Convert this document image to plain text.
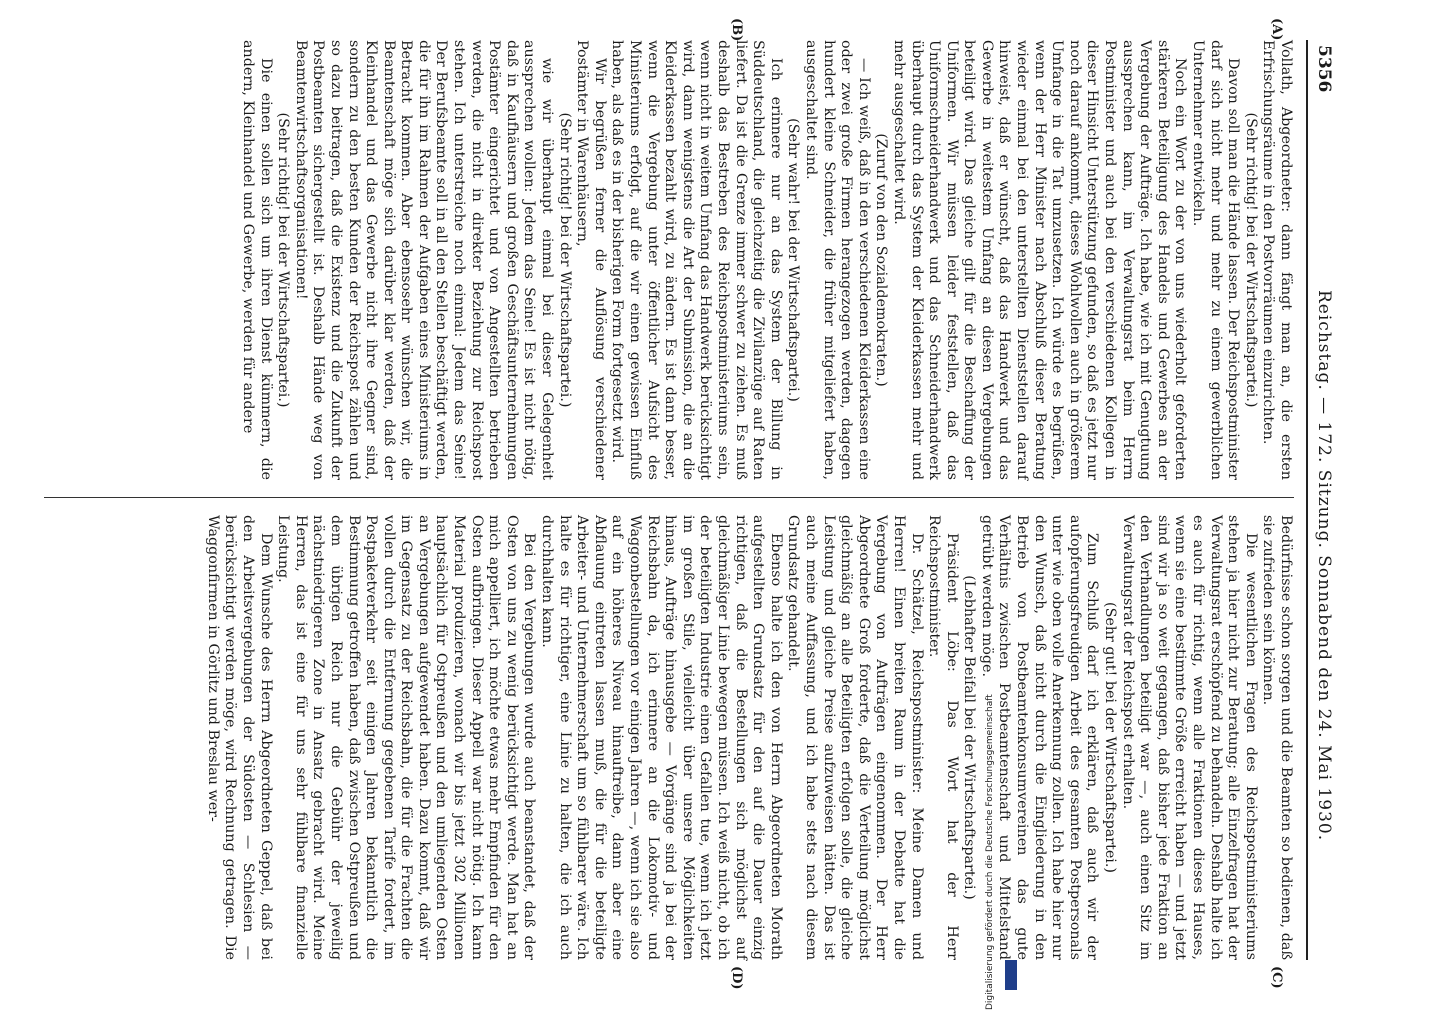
5356
Reichstag. — 172. Sitzung. Sonnabend den 24. Mai 1930.
(A)
(B)
(C)
(D)

Vollath, Abgeordneter: dann fängt man an, die ersten Erfrischungsräume in den Postvorräumen einzurichten.

(Sehr richtig! bei der Wirtschaftspartei.)

Davon soll man die Hände lassen. Der Reichspostminister darf sich nicht mehr und mehr zu einem gewerblichen Unternehmer entwickeln.

Noch ein Wort zu der von uns wiederholt geforderten stärkeren Beteiligung des Handels und Gewerbes an der Vergebung der Aufträge. Ich habe, wie ich mit Genugtuung aussprechen kann, im Verwaltungsrat beim Herrn Postminister und auch bei den verschiedenen Kollegen in dieser Hinsicht Unterstützung gefunden, so daß es jetzt nur noch darauf ankommt, dieses Wohlwollen auch in größerem Umfange in die Tat umzusetzen. Ich würde es begrüßen, wenn der Herr Minister nach Abschluß dieser Beratung wieder einmal bei den unterstellten Dienststellen darauf hinweist, daß er wünscht, daß das Handwerk und das Gewerbe in weitestem Umfang an diesen Vergebungen beteiligt wird. Das gleiche gilt für die Beschaffung der Uniformen. Wir müssen leider feststellen, daß das Uniformschneiderhandwerk und das Schneiderhandwerk überhaupt durch das System der Kleiderkassen mehr und mehr ausgeschaltet wird.

(Zuruf von den Sozialdemokraten.)

— Ich weiß, daß in den verschiedenen Kleiderkassen eine oder zwei große Firmen herangezogen werden, dagegen hundert kleine Schneider, die früher mitgeliefert haben, ausgeschaltet sind.

(Sehr wahr! bei der Wirtschaftspartei.)

Ich erinnere nur an das System der Billung in Süddeutschland, die gleichzeitig die Zivilanzüge auf Raten liefert. Da ist die Grenze immer schwer zu ziehen. Es muß deshalb das Bestreben des Reichspostministeriums sein, wenn nicht in weitem Umfang das Handwerk berücksichtigt wird, dann wenigstens die Art der Submission, die an die Kleiderkassen bezahlt wird, zu ändern. Es ist dann besser, wenn die Vergebung unter öffentlicher Aufsicht des Ministeriums erfolgt, auf die wir einen gewissen Einfluß haben, als daß es in der bisherigen Form fortgesetzt wird.

Wir begrüßen ferner die Auflösung verschiedener Postämter in Warenhäusern,

(Sehr richtig! bei der Wirtschaftspartei.)

wie wir überhaupt einmal bei dieser Gelegenheit aussprechen wollen: Jedem das Seine! Es ist nicht nötig, daß in Kaufhäusern und großen Geschäftsunternehmungen Postämter eingerichtet und von Angestellten betrieben werden, die nicht in direkter Beziehung zur Reichspost stehen. Ich unterstreiche noch einmal: Jedem das Seine! Der Berufsbeamte soll in all den Stellen beschäftigt werden, die für ihn im Rahmen der Aufgaben eines Ministeriums in Betracht kommen. Aber ebensosehr wünschen wir, die Beamtenschaft möge sich darüber klar werden, daß der Kleinhandel und das Gewerbe nicht ihre Gegner sind, sondern zu den besten Kunden der Reichspost zählen und so dazu beitragen, daß die Existenz und die Zukunft der Postbeamten sichergestellt ist. Deshalb Hände weg von Beamtenwirtschaftsorganisationen!

(Sehr richtig! bei der Wirtschaftspartei.)

Die einen sollen sich um ihren Dienst kümmern, die andern, Kleinhandel und Gewerbe, werden für andere

Bedürfnisse schon sorgen und die Beamten so bedienen, daß sie zufrieden sein können.

Die wesentlichen Fragen des Reichspostministeriums stehen ja hier nicht zur Beratung; alle Einzelfragen hat der Verwaltungsrat erschöpfend zu behandeln. Deshalb halte ich es auch für richtig, wenn alle Fraktionen dieses Hauses, wenn sie eine bestimmte Größe erreicht haben — und jetzt sind wir ja so weit gegangen, daß bisher jede Fraktion an den Verhandlungen beteiligt war —, auch einen Sitz im Verwaltungsrat der Reichspost erhalten.

(Sehr gut! bei der Wirtschaftspartei.)

Zum Schluß darf ich erklären, daß auch wir der aufopferungsfreudigen Arbeit des gesamten Postpersonals unter wie oben volle Anerkennung zollen. Ich habe hier nur den Wunsch, daß nicht durch die Eingliederung in den Betrieb von Postbeamtenkonsumvereinen das gute Verhältnis zwischen Postbeamtenschaft und Mittelstand getrübt werden möge.

(Lebhafter Beifall bei der Wirtschaftspartei.)

Präsident Löbe: Das Wort hat der Herr Reichspostminister.

Dr. Schätzel, Reichspostminister: Meine Damen und Herren! Einen breiten Raum in der Debatte hat die Vergebung von Aufträgen eingenommen. Der Herr Abgeordnete Groß forderte, daß die Verteilung möglichst gleichmäßig an alle Beteiligten erfolgen solle, die gleiche Leistung und gleiche Preise aufzuweisen hätten. Das ist auch meine Auffassung, und ich habe stets nach diesem Grundsatz gehandelt.

Ebenso halte ich den von Herrn Abgeordneten Morath aufgestellten Grundsatz für den auf die Dauer einzig richtigen, daß die Bestellungen sich möglichst auf gleichmäßiger Linie bewegen müssen. Ich weiß nicht, ob ich der beteiligten Industrie einen Gefallen tue, wenn ich jetzt im großen Stile, vielleicht über unsere Möglichkeiten hinaus, Aufträge hinausgebe — Vorgänge sind ja bei der Reichsbahn da, ich erinnere an die Lokomotiv- und Waggonbestellungen vor einigen Jahren —, wenn ich sie also auf ein höheres Niveau hinauftreibe, dann aber eine Abflauung eintreten lassen muß, die für die beteiligte Arbeiter- und Unternehmerschaft um so fühlbarer wäre. Ich halte es für richtiger, eine Linie zu halten, die ich auch durchhalten kann.

Bei den Vergebungen wurde auch beanstandet, daß der Osten von uns zu wenig berücksichtigt werde. Man hat an mich appelliert, ich möchte etwas mehr Empfinden für den Osten aufbringen. Dieser Appell war nicht nötig. Ich kann Material produzieren, wonach wir bis jetzt 302 Millionen hauptsächlich für Ostpreußen und den umliegenden Osten an Vergebungen aufgewendet haben. Dazu kommt, daß wir im Gegensatz zu der Reichsbahn, die für die Frachten die vollen durch die Entfernung gegebenen Tarife fordert, im Postpaketverkehr seit einigen Jahren bekanntlich die Bestimmung getroffen haben, daß zwischen Ostpreußen und dem übrigen Reich nur die Gebühr der jeweilig nächstniedrigeren Zone in Ansatz gebracht wird. Meine Herren, das ist eine für uns sehr fühlbare finanzielle Leistung.

Dem Wunsche des Herrn Abgeordneten Geppel, daß bei den Arbeitsvergebungen der Südosten — Schlesien — berücksichtigt werden möge, wird Rechnung getragen. Die Waggonfirmen in Görlitz und Breslau wer-

Digitalisierung gefördert durch die Deutsche Forschungsgemeinschaft
